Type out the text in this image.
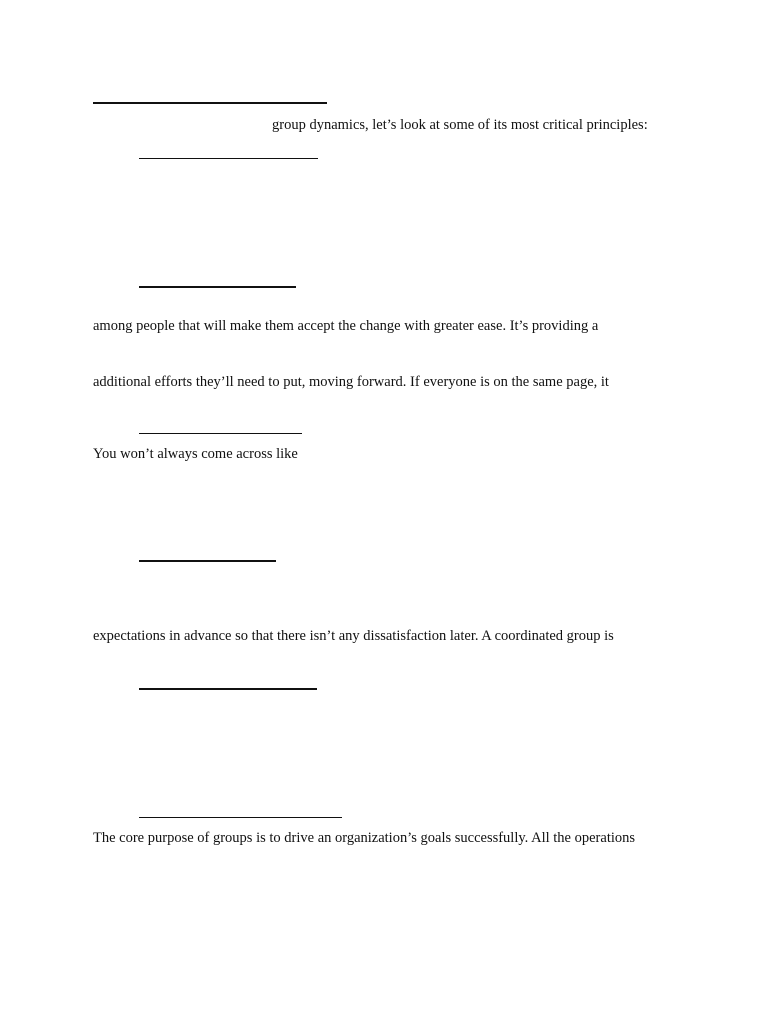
group dynamics, let’s look at some of its most critical principles:
among people that will make them accept the change with greater ease. It’s providing a
additional efforts they’ll need to put, moving forward. If everyone is on the same page, it
You won’t always come across like
expectations in advance so that there isn’t any dissatisfaction later. A coordinated group is
The core purpose of groups is to drive an organization’s goals successfully. All the operations
